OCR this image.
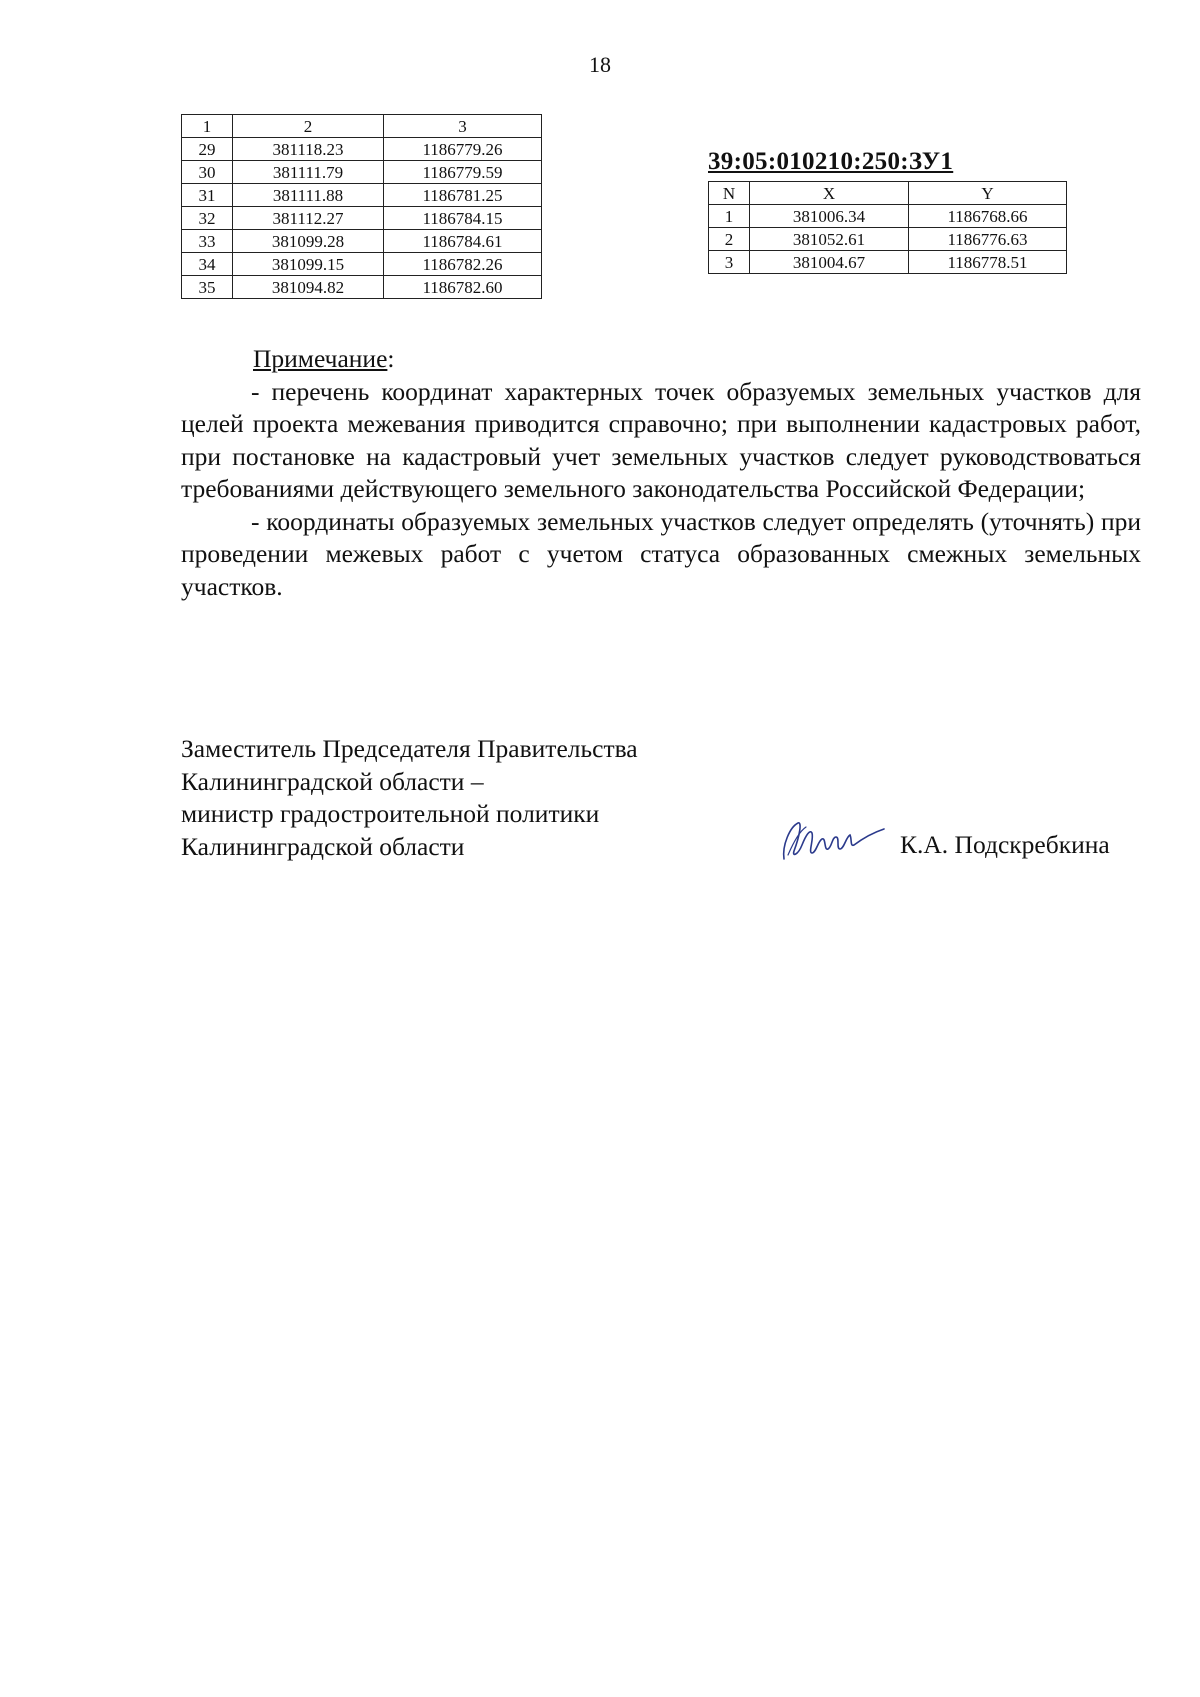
18
1	2	3
29	381118.23	1186779.26
30	381111.79	1186779.59
31	381111.88	1186781.25
32	381112.27	1186784.15
33	381099.28	1186784.61
34	381099.15	1186782.26
35	381094.82	1186782.60
39:05:010210:250:ЗУ1
N	X	Y
1	381006.34	1186768.66
2	381052.61	1186776.63
3	381004.67	1186778.51
Примечание:
- перечень координат характерных точек образуемых земельных участков для целей проекта межевания приводится справочно; при выполнении кадастровых работ, при постановке на кадастровый учет земельных участков следует руководствоваться требованиями действующего земельного законодательства Российской Федерации;
- координаты образуемых земельных участков следует определять (уточнять) при проведении межевых работ с учетом статуса образованных смежных земельных участков.
Заместитель Председателя Правительства
Калининградской области –
министр градостроительной политики
Калининградской области	К.А. Подскребкина
